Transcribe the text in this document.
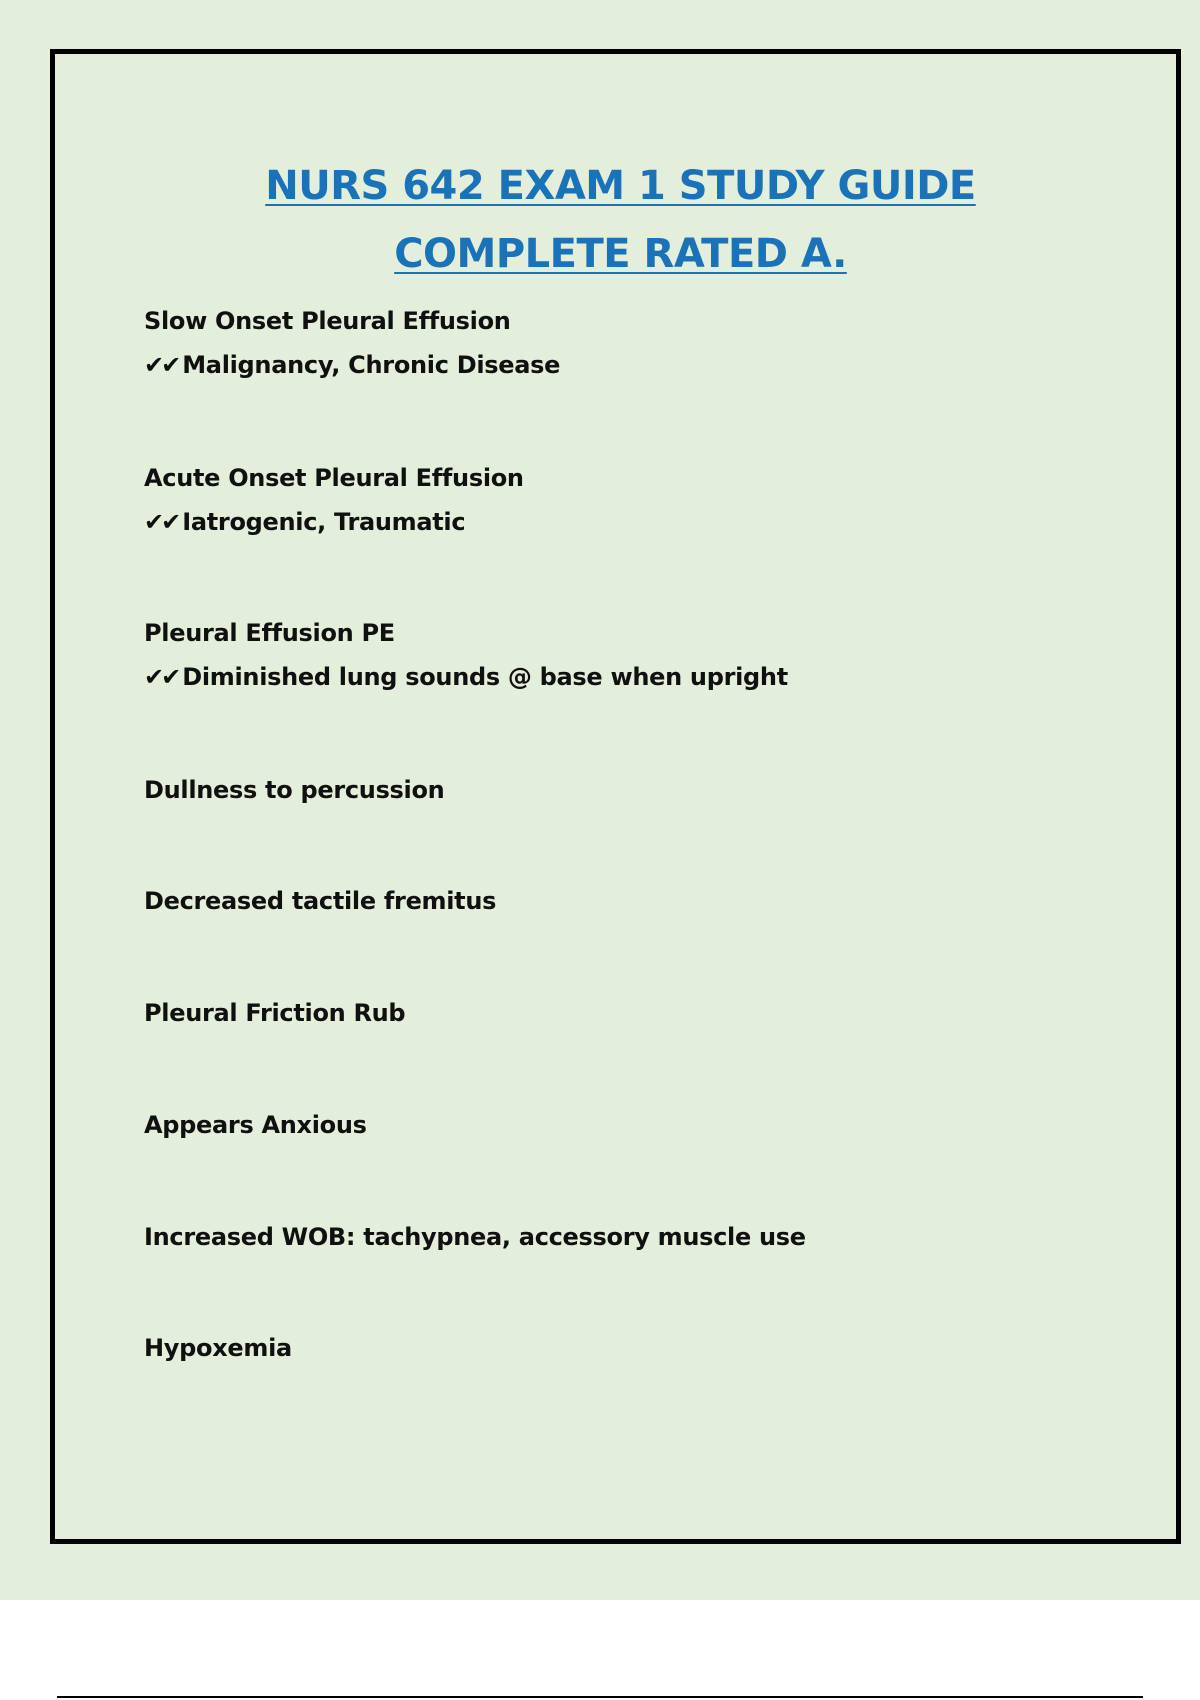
NURS 642 EXAM 1 STUDY GUIDE
COMPLETE RATED A.
Slow Onset Pleural Effusion
✔✔ Malignancy, Chronic Disease
Acute Onset Pleural Effusion
✔✔ Iatrogenic, Traumatic
Pleural Effusion PE
✔✔ Diminished lung sounds @ base when upright
Dullness to percussion
Decreased tactile fremitus
Pleural Friction Rub
Appears Anxious
Increased WOB: tachypnea, accessory muscle use
Hypoxemia
